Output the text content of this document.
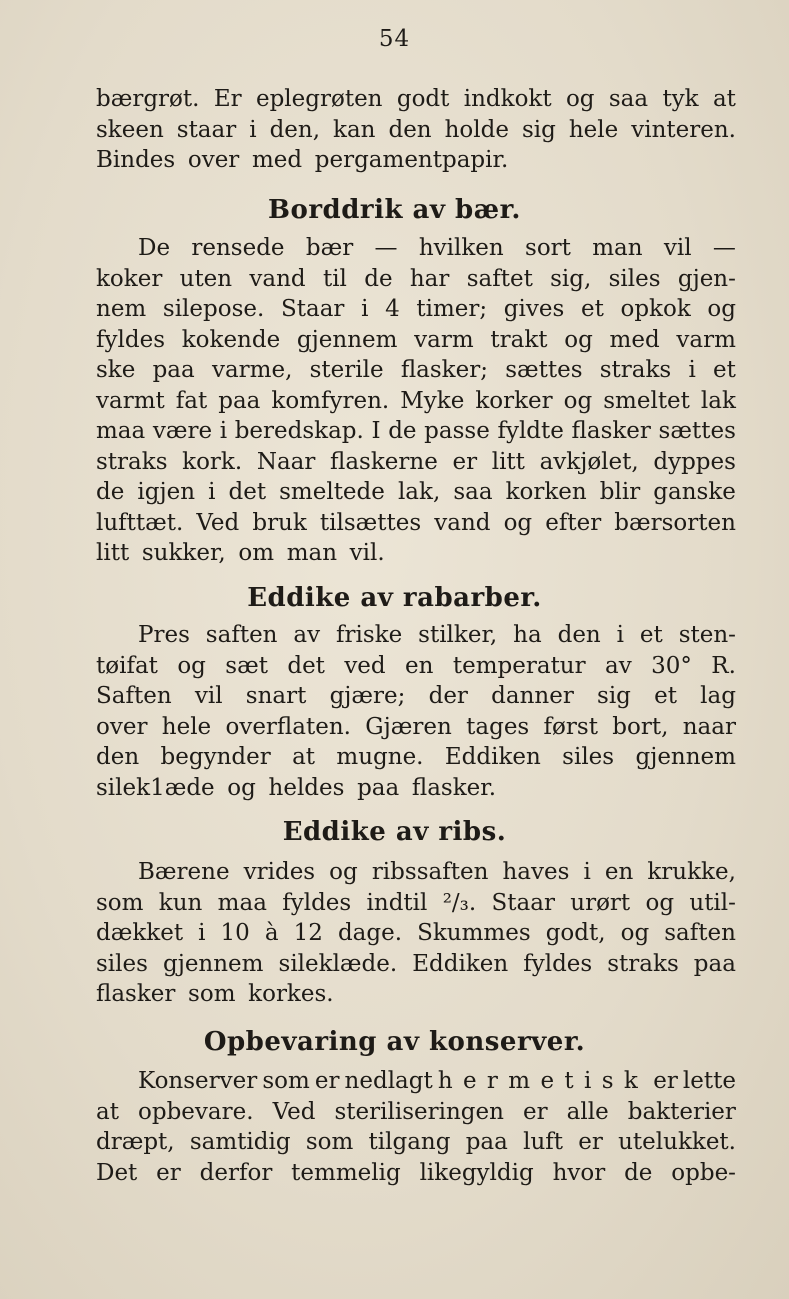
54
bærgrøt. Er eplegrøten godt indkokt og saa tyk at
skeen staar i den, kan den holde sig hele vinteren.
Bindes over med pergamentpapir.
Borddrik av bær.
De rensede bær — hvilken sort man vil —
koker uten vand til de har saftet sig, siles gjen-
nem silepose. Staar i 4 timer; gives et opkok og
fyldes kokende gjennem varm trakt og med varm
ske paa varme, sterile flasker; sættes straks i et
varmt fat paa komfyren. Myke korker og smeltet lak
maa være i beredskap. I de passe fyldte flasker sættes
straks kork. Naar flaskerne er litt avkjølet, dyppes
de igjen i det smeltede lak, saa korken blir ganske
lufttæt. Ved bruk tilsættes vand og efter bærsorten
litt sukker, om man vil.
Eddike av rabarber.
Pres saften av friske stilker, ha den i et sten-
tøifat og sæt det ved en temperatur av 30° R.
Saften vil snart gjære; der danner sig et lag
over hele overflaten. Gjæren tages først bort, naar
den begynder at mugne. Eddiken siles gjennem
silek1æde og heldes paa flasker.
Eddike av ribs.
Bærene vrides og ribssaften haves i en krukke,
som kun maa fyldes indtil ²/₃. Staar urørt og util-
dækket i 10 à 12 dage. Skummes godt, og saften
siles gjennem sileklæde. Eddiken fyldes straks paa
flasker som korkes.
Opbevaring av konserver.
Konserver som er nedlagt hermetisk er lette
at opbevare. Ved steriliseringen er alle bakterier
dræpt, samtidig som tilgang paa luft er utelukket.
Det er derfor temmelig likegyldig hvor de opbe-
